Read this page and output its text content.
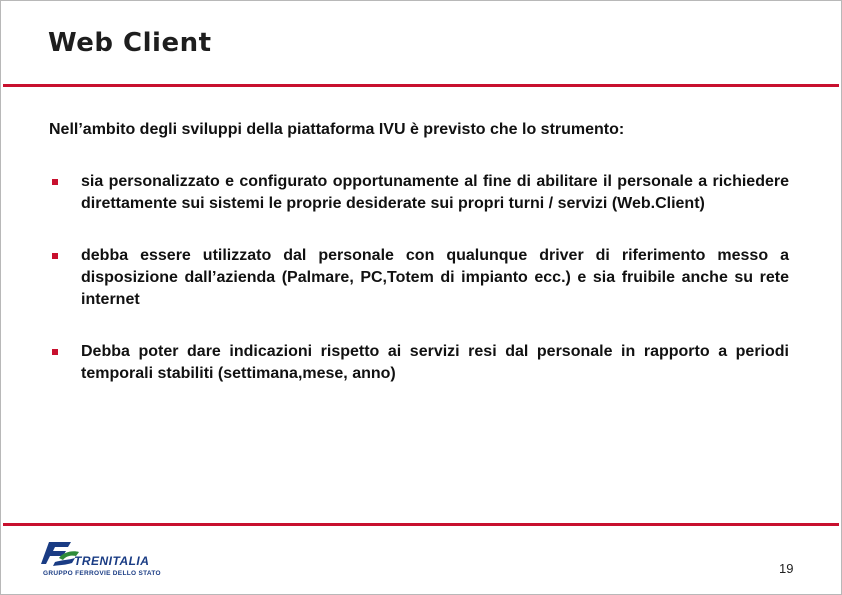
Web Client
Nell’ambito degli sviluppi della piattaforma IVU è previsto che lo strumento:
sia personalizzato e configurato opportunamente al fine di abilitare il personale a richiedere direttamente sui sistemi le proprie desiderate sui propri turni / servizi (Web.Client)
debba essere utilizzato dal personale con qualunque driver di riferimento messo a disposizione dall’azienda (Palmare, PC,Totem di impianto ecc.) e sia fruibile anche su rete internet
Debba poter dare indicazioni rispetto ai servizi resi dal personale in rapporto a periodi temporali stabiliti (settimana,mese, anno)
TRENITALIA
GRUPPO FERROVIE DELLO STATO	19
